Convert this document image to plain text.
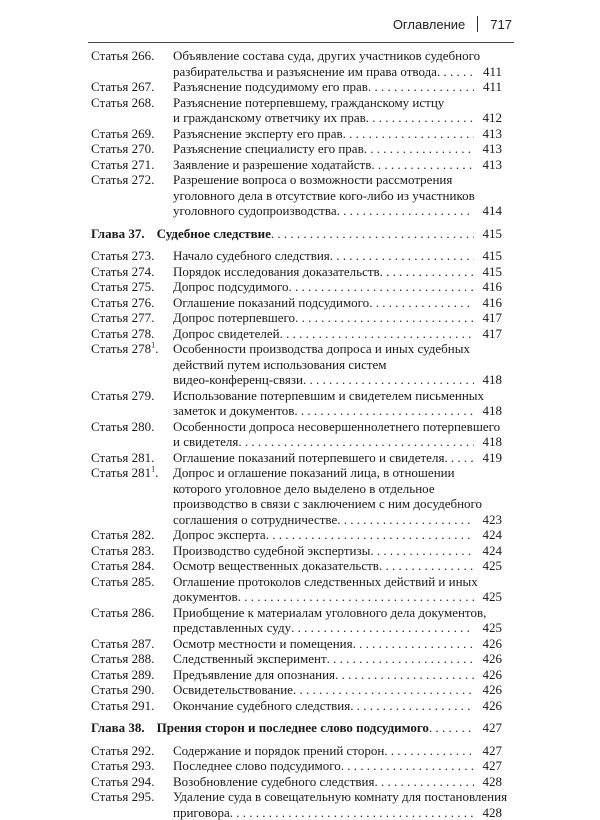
Оглавление 717
Статья 266.	Объявление состава суда, других участников судебного
разбирательства и разъяснение им права отвода . . .	411
Статья 267.	Разъяснение подсудимому его прав . . .	411
Статья 268.	Разъяснение потерпевшему, гражданскому истцу
и гражданскому ответчику их прав . . .	412
Статья 269.	Разъяснение эксперту его прав . . .	413
Статья 270.	Разъяснение специалисту его прав . . .	413
Статья 271.	Заявление и разрешение ходатайств . . .	413
Статья 272.	Разрешение вопроса о возможности рассмотрения
уголовного дела в отсутствие кого-либо из участников
уголовного судопроизводства . . .	414
Глава 37. Судебное следствие . . .	415
Статья 273.	Начало судебного следствия . . .	415
Статья 274.	Порядок исследования доказательств . . .	415
Статья 275.	Допрос подсудимого . . .	416
Статья 276.	Оглашение показаний подсудимого . . .	416
Статья 277.	Допрос потерпевшего . . .	417
Статья 278.	Допрос свидетелей . . .	417
Статья $278^1$.	Особенности производства допроса и иных судебных
действий путем использования систем
видео-конференц-связи . . .	418
Статья 279.	Использование потерпевшим и свидетелем письменных
заметок и документов . . .	418
Статья 280.	Особенности допроса несовершеннолетнего потерпевшего
и свидетеля . . .	418
Статья 281.	Оглашение показаний потерпевшего и свидетеля . . .	419
Статья $281^1$.	Допрос и оглашение показаний лица, в отношении
которого уголовное дело выделено в отдельное
производство в связи с заключением с ним досудебного
соглашения о сотрудничестве . . .	423
Статья 282.	Допрос эксперта . . .	424
Статья 283.	Производство судебной экспертизы . . .	424
Статья 284.	Осмотр вещественных доказательств . . .	425
Статья 285.	Оглашение протоколов следственных действий и иных
документов . . .	425
Статья 286.	Приобщение к материалам уголовного дела документов,
представленных суду . . .	425
Статья 287.	Осмотр местности и помещения . . .	426
Статья 288.	Следственный эксперимент . . .	426
Статья 289.	Предъявление для опознания . . .	426
Статья 290.	Освидетельствование . . .	426
Статья 291.	Окончание судебного следствия . . .	426
Глава 38. Прения сторон и последнее слово подсудимого . . .	427
Статья 292.	Содержание и порядок прений сторон . . .	427
Статья 293.	Последнее слово подсудимого . . .	427
Статья 294.	Возобновление судебного следствия . . .	428
Статья 295.	Удаление суда в совещательную комнату для постановления
приговора . . .	428
